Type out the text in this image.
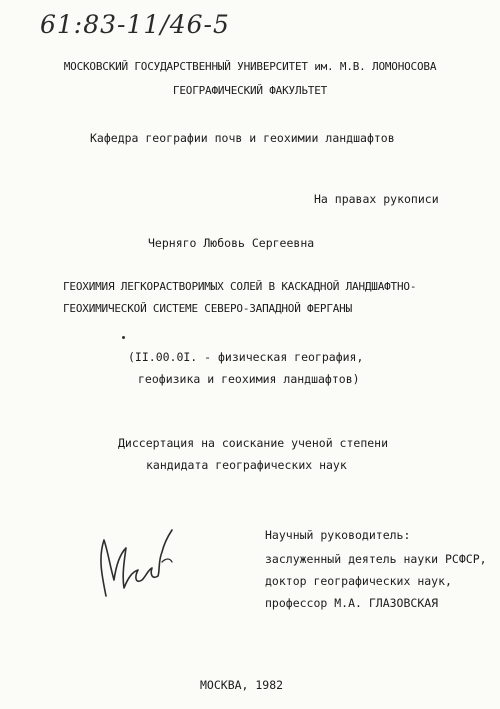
61:83-11/46-5
МОСКОВСКИЙ ГОСУДАРСТВЕННЫЙ УНИВЕРСИТЕТ им. М.В. ЛОМОНОСОВА
ГЕОГРАФИЧЕСКИЙ ФАКУЛЬТЕТ
Кафедра географии почв и геохимии ландшафтов
На правах рукописи
Черняго Любовь Сергеевна
ГЕОХИМИЯ ЛЕГКОРАСТВОРИМЫХ СОЛЕЙ В КАСКАДНОЙ ЛАНДШАФТНО-
ГЕОХИМИЧЕСКОЙ СИСТЕМЕ СЕВЕРО-ЗАПАДНОЙ ФЕРГАНЫ
(II.00.0I. - физическая география,
геофизика и геохимия ландшафтов)
Диссертация на соискание ученой степени
кандидата географических наук
Научный руководитель:
заслуженный деятель науки РСФСР,
доктор географических наук,
профессор М.А. ГЛАЗОВСКАЯ
МОСКВА, 1982
